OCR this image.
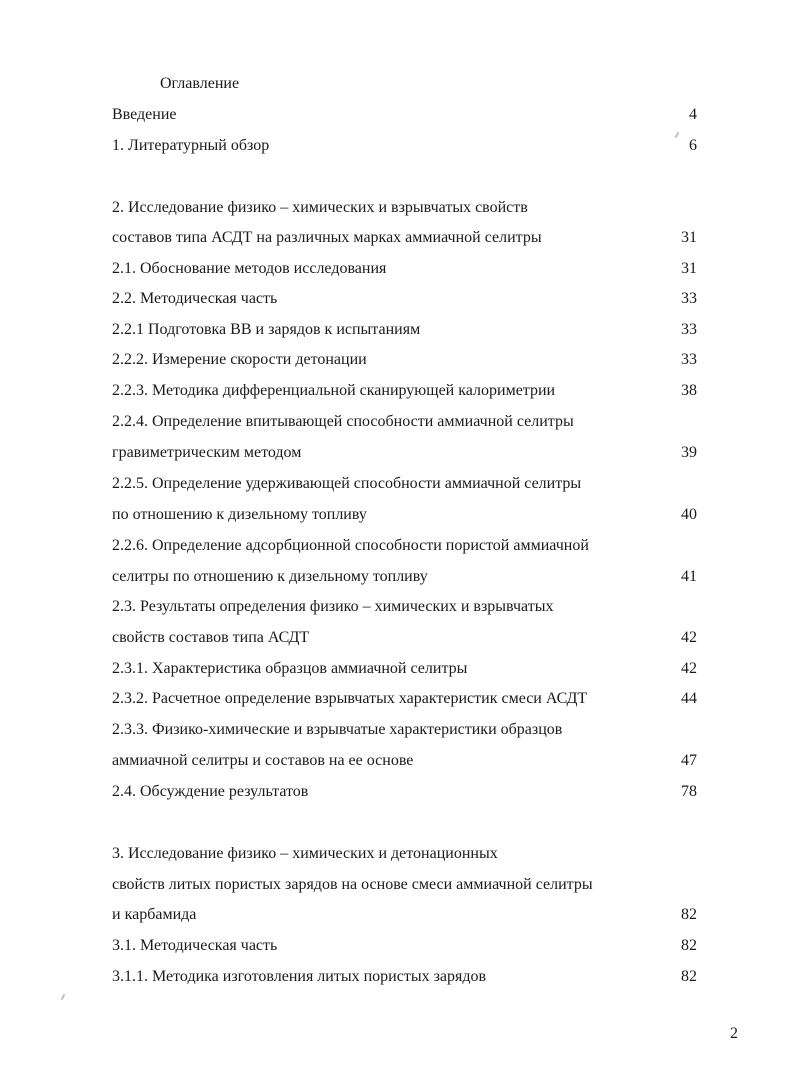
Оглавление
Введение	4
1. Литературный обзор	6
2. Исследование физико – химических и взрывчатых свойств
составов типа АСДТ на различных марках аммиачной селитры	31
2.1. Обоснование методов исследования	31
2.2. Методическая часть	33
2.2.1 Подготовка ВВ и зарядов к испытаниям	33
2.2.2. Измерение скорости детонации	33
2.2.3. Методика дифференциальной сканирующей калориметрии	38
2.2.4. Определение впитывающей способности аммиачной селитры
гравиметрическим методом	39
2.2.5. Определение удерживающей способности аммиачной селитры
по отношению к дизельному топливу	40
2.2.6. Определение адсорбционной способности пористой аммиачной
селитры по отношению к дизельному топливу	41
2.3. Результаты определения физико – химических и взрывчатых
свойств составов типа АСДТ	42
2.3.1. Характеристика образцов аммиачной селитры	42
2.3.2. Расчетное определение взрывчатых характеристик смеси АСДТ	44
2.3.3. Физико-химические и взрывчатые характеристики образцов
аммиачной селитры и составов на ее основе	47
2.4. Обсуждение результатов	78
3. Исследование физико – химических и детонационных
свойств литых пористых зарядов на основе смеси аммиачной селитры
и карбамида	82
3.1. Методическая часть	82
3.1.1. Методика изготовления литых пористых зарядов	82
2
